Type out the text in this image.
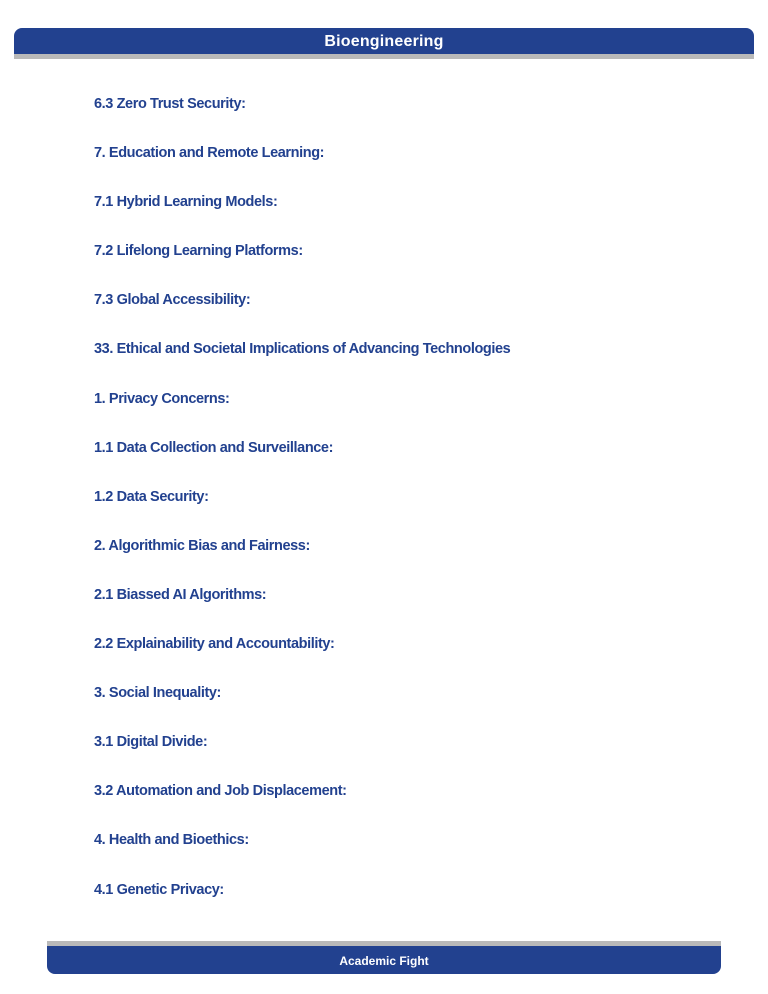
Bioengineering
6.3 Zero Trust Security:
7. Education and Remote Learning:
7.1 Hybrid Learning Models:
7.2 Lifelong Learning Platforms:
7.3 Global Accessibility:
33. Ethical and Societal Implications of Advancing Technologies
1. Privacy Concerns:
1.1 Data Collection and Surveillance:
1.2 Data Security:
2. Algorithmic Bias and Fairness:
2.1 Biassed AI Algorithms:
2.2 Explainability and Accountability:
3. Social Inequality:
3.1 Digital Divide:
3.2 Automation and Job Displacement:
4. Health and Bioethics:
4.1 Genetic Privacy:
Academic Fight
